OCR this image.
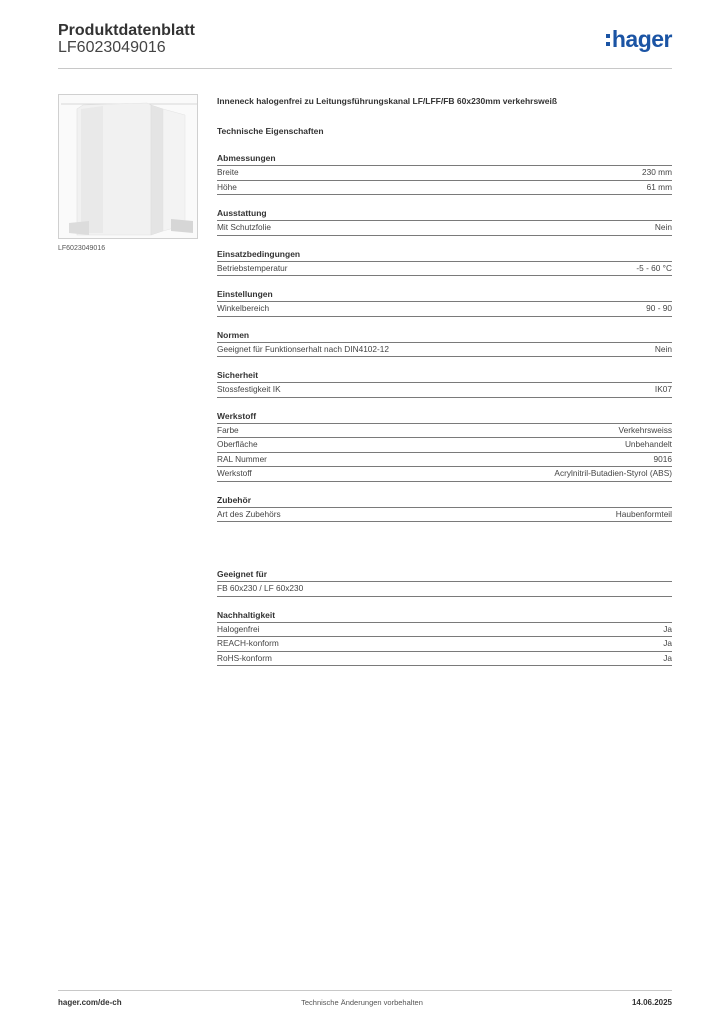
Produktdatenblatt
LF6023049016	hager
LF6023049016
Inneneck halogenfrei zu Leitungsführungskanal LF/LFF/FB 60x230mm verkehrsweiß
Technische Eigenschaften
Abmessungen
Breite	230 mm
Höhe	61 mm
Ausstattung
Mit Schutzfolie	Nein
Einsatzbedingungen
Betriebstemperatur	-5 - 60 °C
Einstellungen
Winkelbereich	90 - 90
Normen
Geeignet für Funktionserhalt nach DIN4102-12	Nein
Sicherheit
Stossfestigkeit IK	IK07
Werkstoff
Farbe	Verkehrsweiss
Oberfläche	Unbehandelt
RAL Nummer	9016
Werkstoff	Acrylnitril-Butadien-Styrol (ABS)
Zubehör
Art des Zubehörs	Haubenformteil
Geeignet für
FB 60x230 / LF 60x230
Nachhaltigkeit
Halogenfrei	Ja
REACH-konform	Ja
RoHS-konform	Ja
hager.com/de-ch	Technische Änderungen vorbehalten	14.06.2025
